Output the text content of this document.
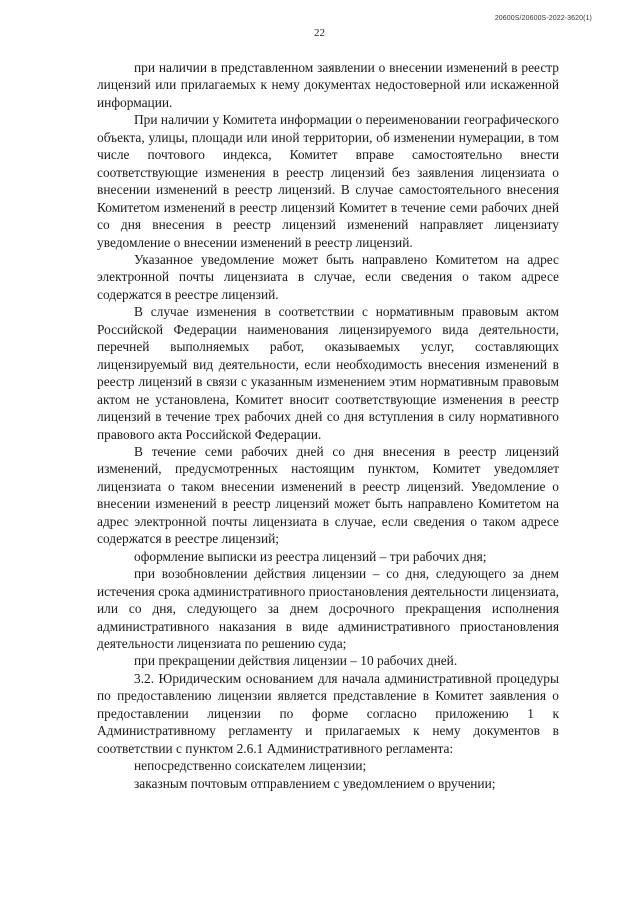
20600S/20600S-2022-3620(1)
22

при наличии в представленном заявлении о внесении изменений в реестр лицензий или прилагаемых к нему документах недостоверной или искаженной информации.

При наличии у Комитета информации о переименовании географического объекта, улицы, площади или иной территории, об изменении нумерации, в том числе почтового индекса, Комитет вправе самостоятельно внести соответствующие изменения в реестр лицензий без заявления лицензиата о внесении изменений в реестр лицензий. В случае самостоятельного внесения Комитетом изменений в реестр лицензий Комитет в течение семи рабочих дней со дня внесения в реестр лицензий изменений направляет лицензиату уведомление о внесении изменений в реестр лицензий.

Указанное уведомление может быть направлено Комитетом на адрес электронной почты лицензиата в случае, если сведения о таком адресе содержатся в реестре лицензий.

В случае изменения в соответствии с нормативным правовым актом Российской Федерации наименования лицензируемого вида деятельности, перечней выполняемых работ, оказываемых услуг, составляющих лицензируемый вид деятельности, если необходимость внесения изменений в реестр лицензий в связи с указанным изменением этим нормативным правовым актом не установлена, Комитет вносит соответствующие изменения в реестр лицензий в течение трех рабочих дней со дня вступления в силу нормативного правового акта Российской Федерации.

В течение семи рабочих дней со дня внесения в реестр лицензий изменений, предусмотренных настоящим пунктом, Комитет уведомляет лицензиата о таком внесении изменений в реестр лицензий. Уведомление о внесении изменений в реестр лицензий может быть направлено Комитетом на адрес электронной почты лицензиата в случае, если сведения о таком адресе содержатся в реестре лицензий;

оформление выписки из реестра лицензий – три рабочих дня;

при возобновлении действия лицензии – со дня, следующего за днем истечения срока административного приостановления деятельности лицензиата, или со дня, следующего за днем досрочного прекращения исполнения административного наказания в виде административного приостановления деятельности лицензиата по решению суда;

при прекращении действия лицензии – 10 рабочих дней.

3.2. Юридическим основанием для начала административной процедуры по предоставлению лицензии является представление в Комитет заявления о предоставлении лицензии по форме согласно приложению 1 к Административному регламенту и прилагаемых к нему документов в соответствии с пунктом 2.6.1 Административного регламента:

непосредственно соискателем лицензии;

заказным почтовым отправлением с уведомлением о вручении;
